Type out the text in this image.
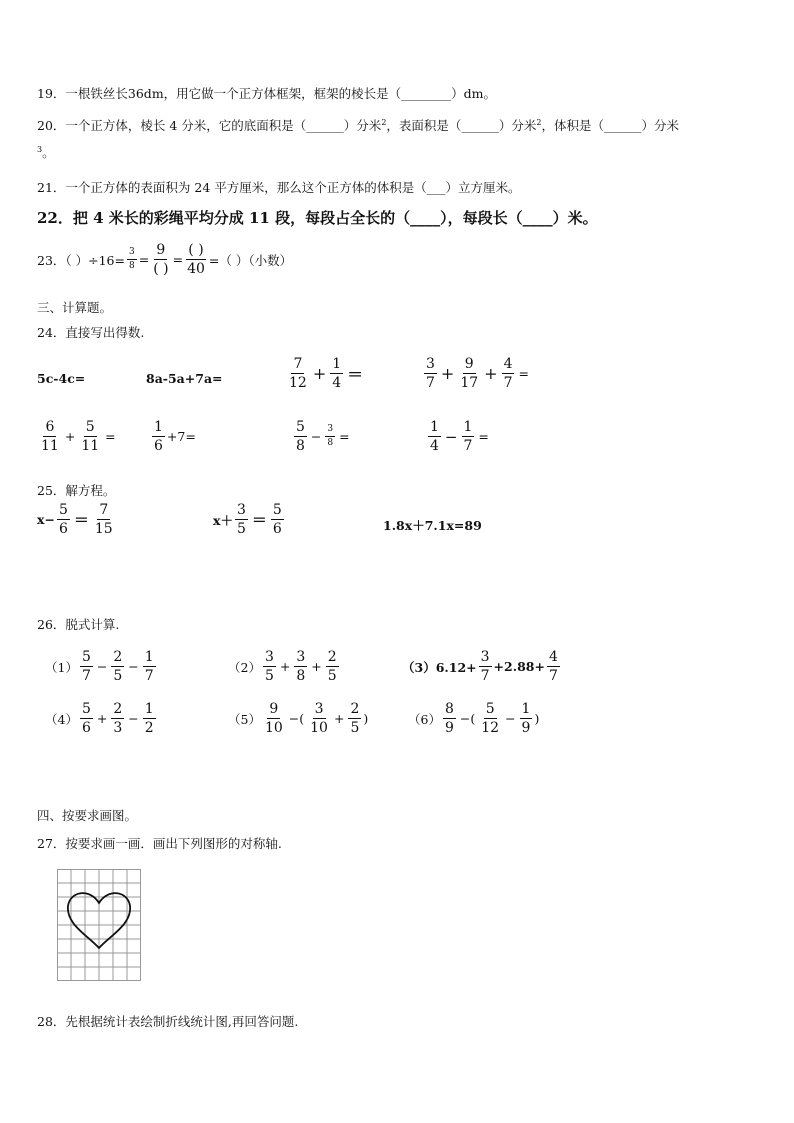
19．一根铁丝长36dm，用它做一个正方体框架，框架的棱长是（________）dm。
20．一个正方体，棱长 4 分米，它的底面积是（______）分米$^2$，表面积是（______）分米$^2$，体积是（______）分米
$^3$。
21．一个正方体的表面积为 24 平方厘米，那么这个正方体的体积是（___）立方厘米。
22．把 4 米长的彩绳平均分成 11 段，每段占全长的（____），每段长（____）米。
23．（ ）$\div 16= \frac{3}{8}$ =
9
( )
=
( )
40
=（ ）（小数）
三、计算题。
24．直接写出得数.
5c-4c=	8a-5a+7a=
7
$12 + \frac{1}{4}$ ＝
3
$7 + \frac{9}{17} + \frac{4}{7}$ =
6
11
+ $\frac{5}{11}$ =
1
6
+7=
5
8
− $\frac{3}{8}$ =
1
4
− $\frac{1}{7}$ =
25．解方程。
$x- \frac{5}{6}$ ＝
7
15
x＋
3
5 ＝
5
6	1.8x＋7.1x=89
26．脱式计算.
（1）
5
7
− $\frac{2}{5} - \frac{1}{7}$	（2）
3
5
+ $\frac{3}{8} + \frac{2}{5}$	$(3)6.12+ \frac{3}{7} +2.88+ \frac{4}{7}$
（4）
5
6
+ $\frac{2}{3} - \frac{1}{2}$	（5）
9
10
−(
3
10
+ $\frac{2}{5}$ )	（6）
8
9
−(
5
12
− $\frac{1}{9}$ )
四、按要求画图。
27．按要求画一画．画出下列图形的对称轴.
28．先根据统计表绘制折线统计图,再回答问题.
